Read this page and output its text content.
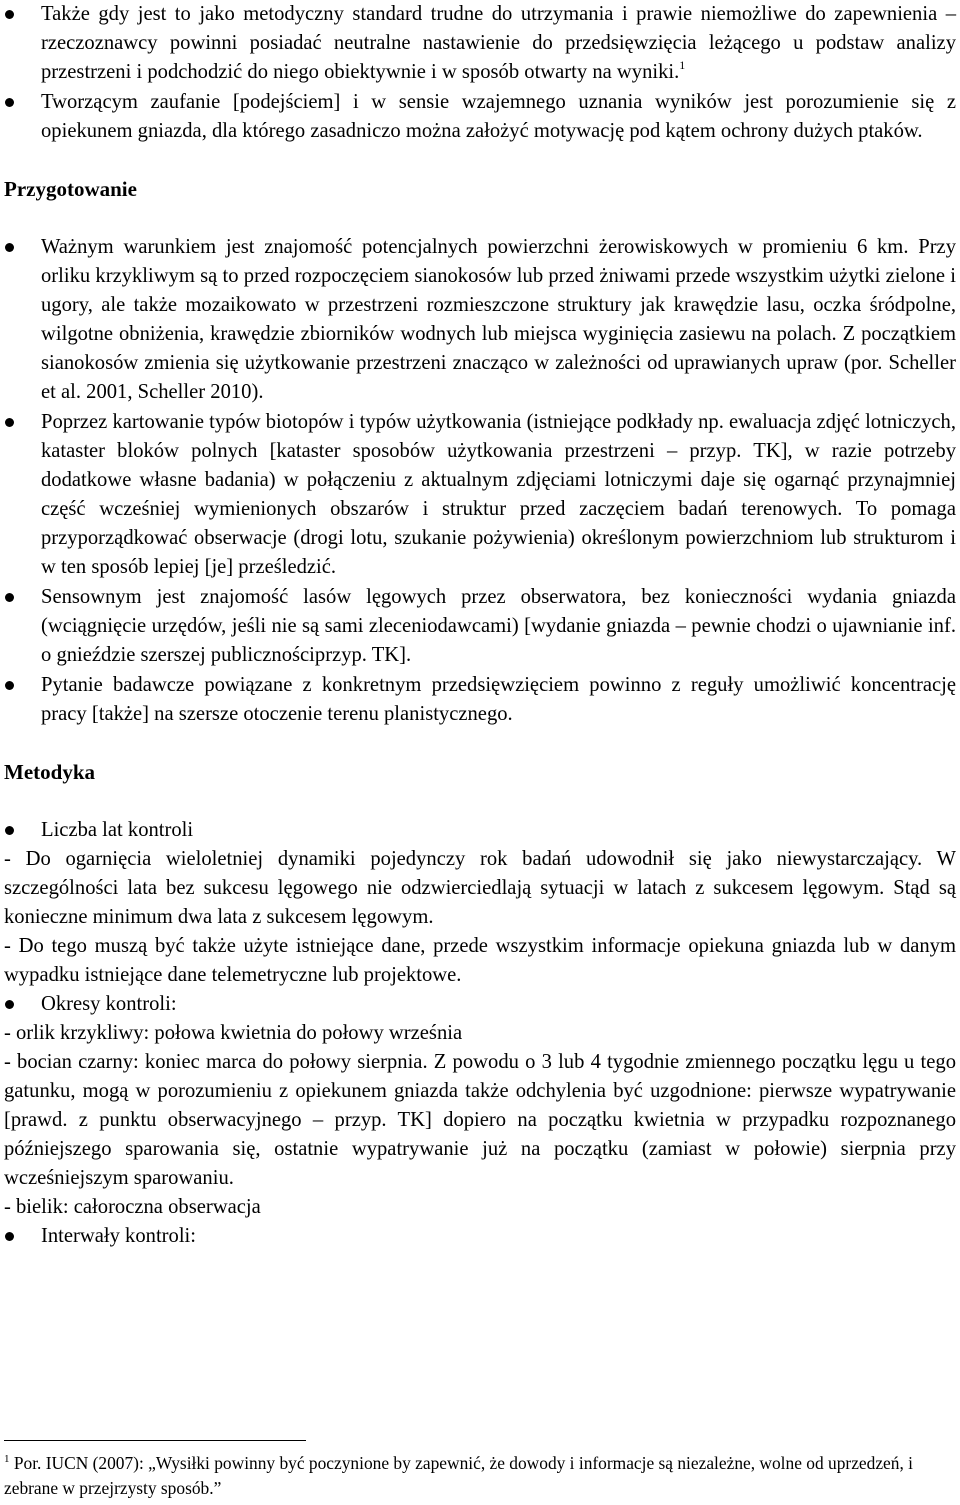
Także gdy jest to jako metodyczny standard trudne do utrzymania i prawie niemożliwe do zapewnienia – rzeczoznawcy powinni posiadać neutralne nastawienie do przedsięwzięcia leżącego u podstaw analizy przestrzeni i podchodzić do niego obiektywnie i w sposób otwarty na wyniki.$^1$
Tworzącym zaufanie [podejściem] i w sensie wzajemnego uznania wyników jest porozumienie się z opiekunem gniazda, dla którego zasadniczo można założyć motywację pod kątem ochrony dużych ptaków.

Przygotowanie

Ważnym warunkiem jest znajomość potencjalnych powierzchni żerowiskowych w promieniu 6 km. Przy orliku krzykliwym są to przed rozpoczęciem sianokosów lub przed żniwami przede wszystkim użytki zielone i ugory, ale także mozaikowato w przestrzeni rozmieszczone struktury jak krawędzie lasu, oczka śródpolne, wilgotne obniżenia, krawędzie zbiorników wodnych lub miejsca wyginięcia zasiewu na polach. Z początkiem sianokosów zmienia się użytkowanie przestrzeni znacząco w zależności od uprawianych upraw (por. Scheller et al. 2001, Scheller 2010).
Poprzez kartowanie typów biotopów i typów użytkowania (istniejące podkłady np. ewaluacja zdjęć lotniczych, kataster bloków polnych [kataster sposobów użytkowania przestrzeni – przyp. TK], w razie potrzeby dodatkowe własne badania) w połączeniu z aktualnym zdjęciami lotniczymi daje się ogarnąć przynajmniej część wcześniej wymienionych obszarów i struktur przed zaczęciem badań terenowych. To pomaga przyporządkować obserwacje (drogi lotu, szukanie pożywienia) określonym powierzchniom lub strukturom i w ten sposób lepiej [je] prześledzić.
Sensownym jest znajomość lasów lęgowych przez obserwatora, bez konieczności wydania gniazda (wciągnięcie urzędów, jeśli nie są sami zleceniodawcami) [wydanie gniazda – pewnie chodzi o ujawnianie inf. o gnieździe szerszej publicznościprzyp. TK].
Pytanie badawcze powiązane z konkretnym przedsięwzięciem powinno z reguły umożliwić koncentrację pracy [także] na szersze otoczenie terenu planistycznego.

Metodyka

Liczba lat kontroli

- Do ogarnięcia wieloletniej dynamiki pojedynczy rok badań udowodnił się jako niewystarczający. W szczególności lata bez sukcesu lęgowego nie odzwierciedlają sytuacji w latach z sukcesem lęgowym. Stąd są konieczne minimum dwa lata z sukcesem lęgowym.

- Do tego muszą być także użyte istniejące dane, przede wszystkim informacje opiekuna gniazda lub w danym wypadku istniejące dane telemetryczne lub projektowe.

Okresy kontroli:

- orlik krzykliwy: połowa kwietnia do połowy września

- bocian czarny: koniec marca do połowy sierpnia. Z powodu o 3 lub 4 tygodnie zmiennego początku lęgu u tego gatunku, mogą w porozumieniu z opiekunem gniazda także odchylenia być uzgodnione: pierwsze wypatrywanie [prawd. z punktu obserwacyjnego – przyp. TK] dopiero na początku kwietnia w przypadku rozpoznanego późniejszego sparowania się, ostatnie wypatrywanie już na początku (zamiast w połowie) sierpnia przy wcześniejszym sparowaniu.

- bielik: całoroczna obserwacja

Interwały kontroli:
$^1$ Por. IUCN (2007): „Wysiłki powinny być poczynione by zapewnić, że dowody i informacje są niezależne, wolne od uprzedzeń, i zebrane w przejrzysty sposób.”
